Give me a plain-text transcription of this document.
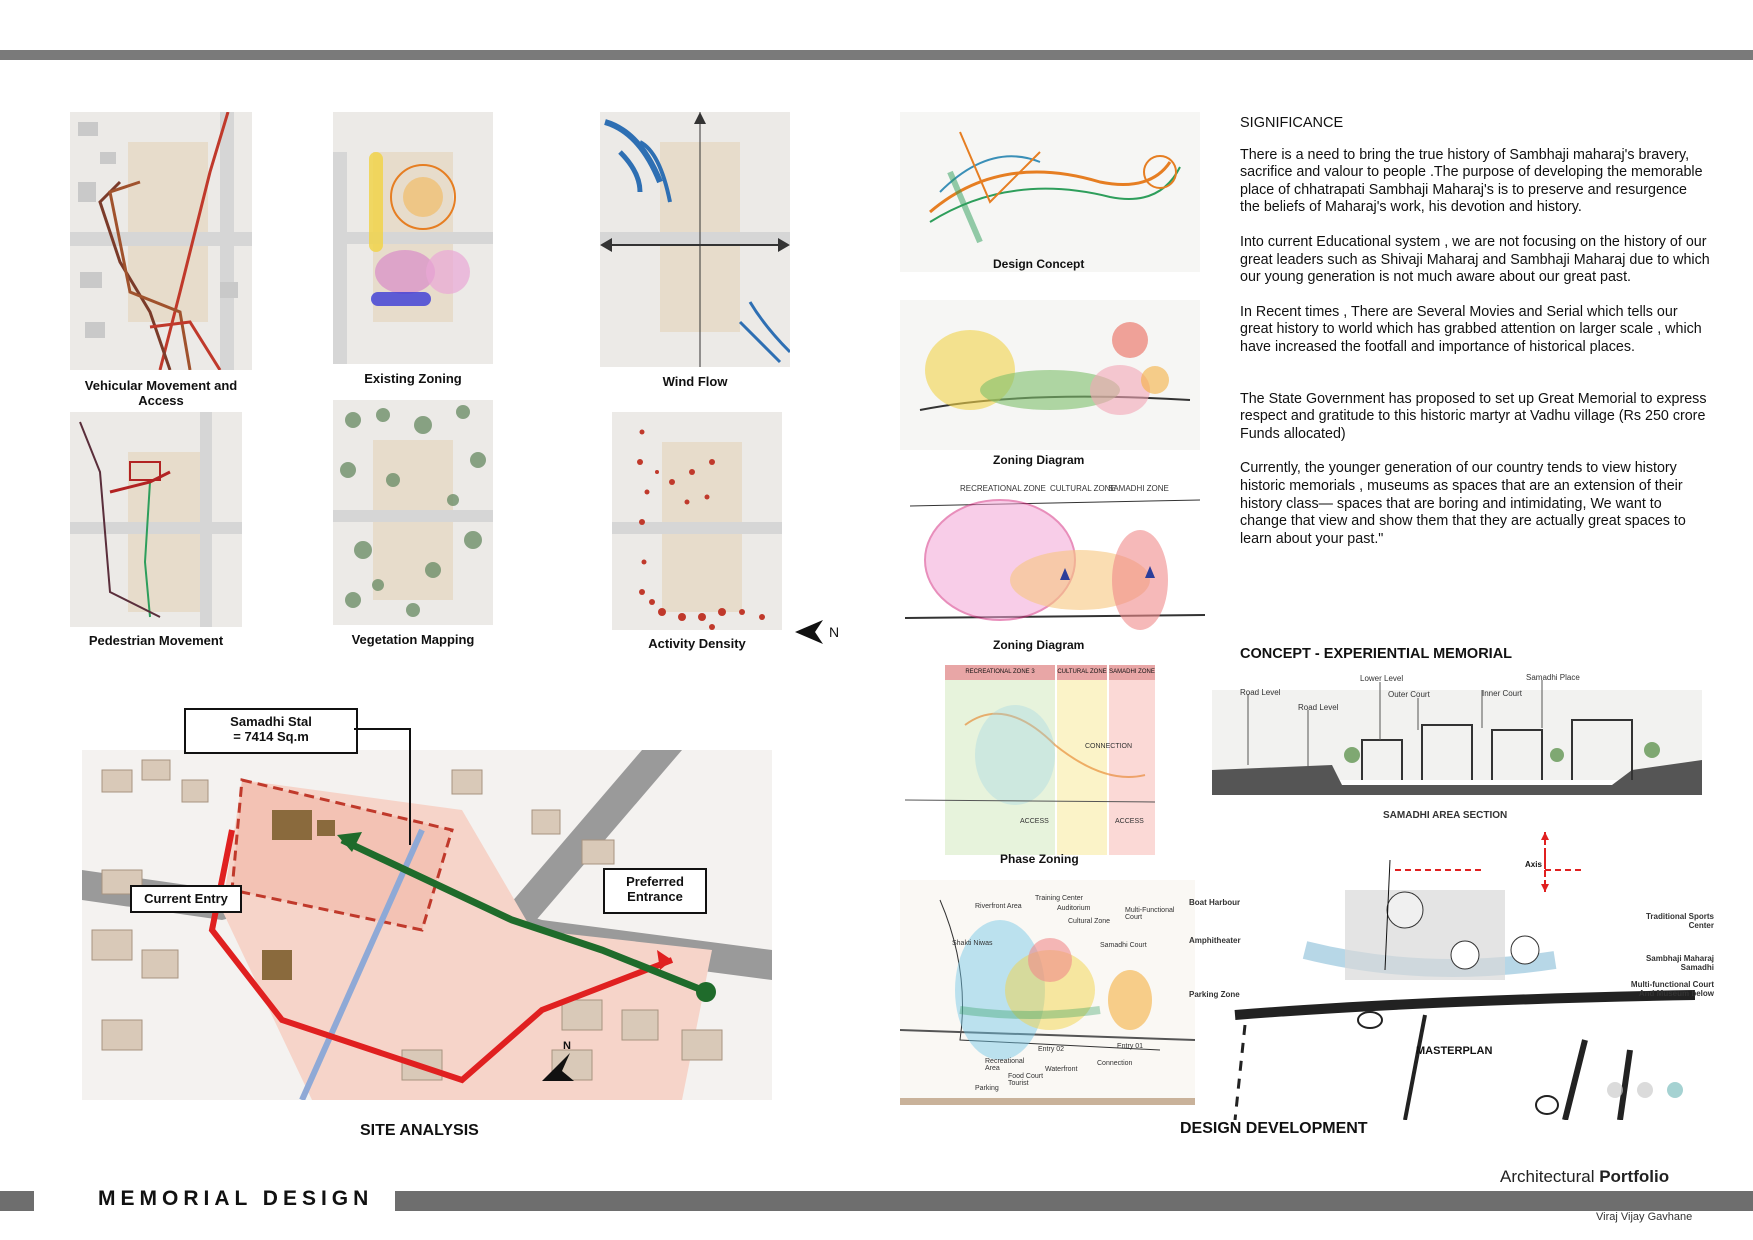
Vehicular Movement and Access
Existing Zoning	Wind Flow
Pedestrian Movement	Vegetation Mapping	Activity Density
N
Samadhi Stal
= 7414 Sq.m
Current Entry
Preferred
Entrance
N
SITE ANALYSIS
Design Concept
Zoning Diagram
RECREATIONAL ZONE CULTURAL ZONE
SAMADHI ZONE
Zoning Diagram
RECREATIONAL ZONE 3	CULTURAL ZONE SAMADHI ZONE
CONNECTION
ACCESS	ACCESS
Phase Zoning
Riverfront Area
Training Center
Auditorium	Multi-Functional Court
Cultural Zone
Shakti Niwas	Samadhi Court
Recreational Area
Food Court Tourist
Entry 02
Waterfront
Connection
Entry 01
Parking
Axis
Boat Harbour
Amphitheater
Parking Zone
Traditional Sports Center
Sambhaji Maharaj Samadhi
Multi-functional Court And Museum below
MASTERPLAN
DESIGN DEVELOPMENT

SIGNIFICANCE

There is a need to bring the true history of Sambhaji maharaj's bravery, sacrifice and valour to people .The purpose of developing the memorable place of chhatrapati Sambhaji Maharaj's is to preserve and resurgence the beliefs of Maharaj's work, his devotion and history.

Into current Educational system , we are not focusing on the history of our great leaders such as Shivaji Maharaj and Sambhaji Maharaj due to which our young generation is not much aware about our great past.

In Recent times , There are Several Movies and Serial which tells our great history to world which has grabbed attention on larger scale , which have increased the footfall and importance of historical places.

The State Government has proposed to set up Great Memorial to express respect and gratitude to this historic martyr at Vadhu village (Rs 250 crore Funds allocated)

Currently, the younger generation of our country tends to view history historic memorials , museums as spaces that are an extension of their history class— spaces that are boring and intimidating, We want to change that view and show them that they are actually great spaces to learn about your past."

CONCEPT - EXPERIENTIAL MEMORIAL
Road Level
Road Level
Lower Level
Outer Court	Inner Court
Samadhi Place
SAMADHI AREA SECTION
MEMORIAL DESIGN
Architectural Portfolio
Viraj Vijay Gavhane
